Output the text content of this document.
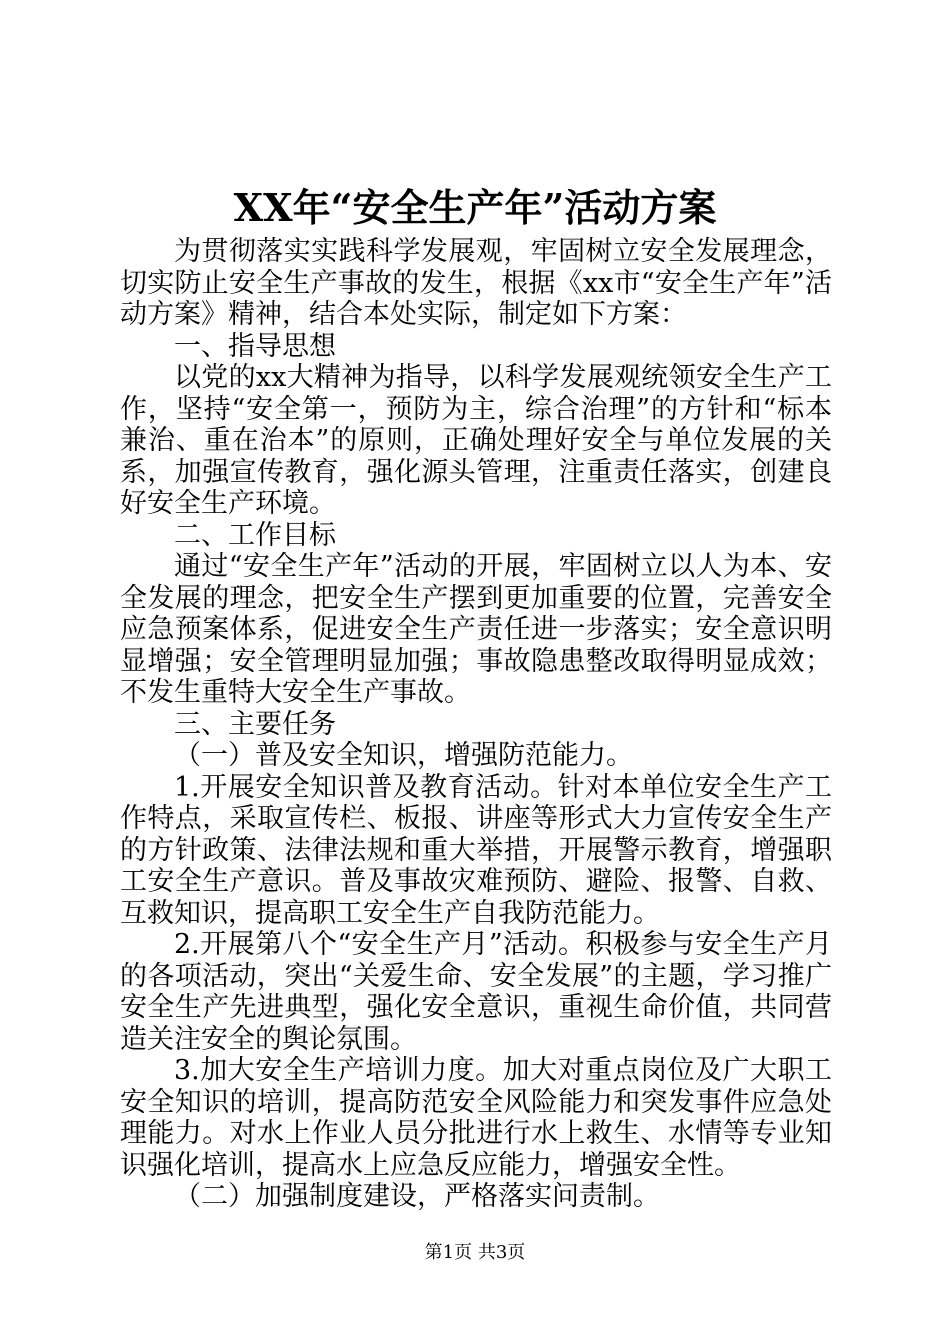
XX年“安全生产年”活动方案

为贯彻落实实践科学发展观，牢固树立安全发展理念，切实防止安全生产事故的发生，根据《xx市“安全生产年”活动方案》精神，结合本处实际，制定如下方案：

一、指导思想

以党的xx大精神为指导，以科学发展观统领安全生产工作，坚持“安全第一，预防为主，综合治理”的方针和“标本兼治、重在治本”的原则，正确处理好安全与单位发展的关系，加强宣传教育，强化源头管理，注重责任落实，创建良好安全生产环境。

二、工作目标

通过“安全生产年”活动的开展，牢固树立以人为本、安全发展的理念，把安全生产摆到更加重要的位置，完善安全应急预案体系，促进安全生产责任进一步落实；安全意识明显增强；安全管理明显加强；事故隐患整改取得明显成效；不发生重特大安全生产事故。

三、主要任务

（一）普及安全知识，增强防范能力。

1.开展安全知识普及教育活动。针对本单位安全生产工作特点，采取宣传栏、板报、讲座等形式大力宣传安全生产的方针政策、法律法规和重大举措，开展警示教育，增强职工安全生产意识。普及事故灾难预防、避险、报警、自救、互救知识，提高职工安全生产自我防范能力。

2.开展第八个“安全生产月”活动。积极参与安全生产月的各项活动，突出“关爱生命、安全发展”的主题，学习推广安全生产先进典型，强化安全意识，重视生命价值，共同营造关注安全的舆论氛围。

3.加大安全生产培训力度。加大对重点岗位及广大职工安全知识的培训，提高防范安全风险能力和突发事件应急处理能力。对水上作业人员分批进行水上救生、水情等专业知识强化培训，提高水上应急反应能力，增强安全性。

（二）加强制度建设，严格落实问责制。

第1页 共3页
